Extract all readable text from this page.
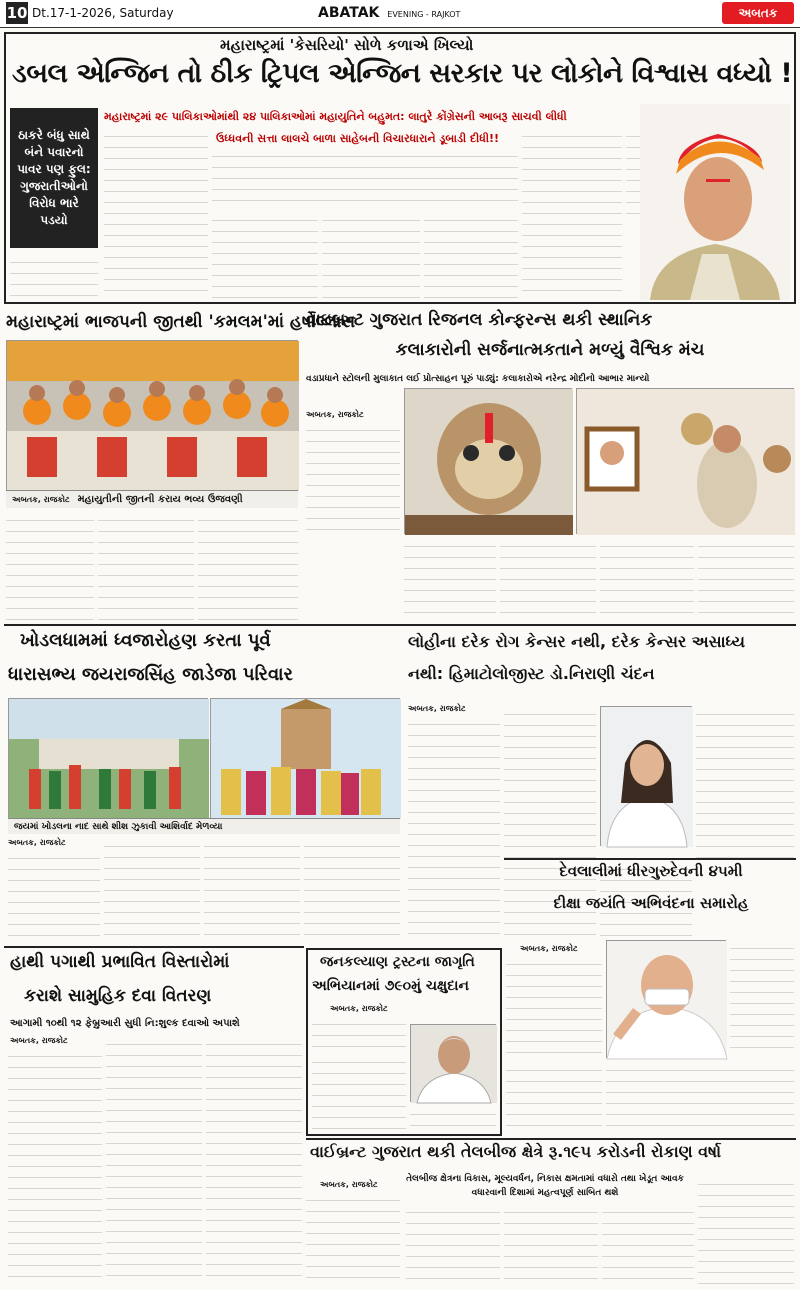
10 Dt.17-1-2026, Saturday	ABATAK EVENING - RAJKOT	અબતક
મહારાષ્ટ્રમાં 'કેસરિયો' સોળે કળાએ ખિલ્યો
ડબલ એન્જિન તો ઠીક ટ્રિપલ એન્જિન સરકાર પર લોકોને વિશ્વાસ વધ્યો !
ઠાકરે બંધુ સાથે બંને પવારનો પાવર પણ ફુલ: ગુજરાતીઓનો વિરોધ ભારે પડયો
મહારાષ્ટ્રમાં ૨૯ પાલિકાઓમાંથી ૨૪ પાલિકાઓમાં મહાયુતિને બહુમત: લાતુરે કોંગ્રેસની આબરૂ સાચવી લીધી
ઉધ્ધવની સત્તા લાલચે બાળા સાહેબની વિચારધારાને ડૂબાડી દીધી!!
મહારાષ્ટ્રમાં ભાજપની જીતથી 'કમલમ'માં હર્ષોલ્લાસ
અબતક, રાજકોટ મહાયુતીની જીતની કરાય ભવ્ય ઉજવણી
વાઇબ્રન્ટ ગુજરાત રિજનલ કોન્ફરન્સ થકી સ્થાનિક
કલાકારોની સર્જનાત્મકતાને મળ્યું વૈશ્વિક મંચ
વડાપ્રધાને સ્ટોલની મુલાકાત લઈ પ્રોત્સાહન પૂરું પાડ્યું: કલાકારોએ નરેન્દ્ર મોદીનો આભાર માન્યો
અબતક, રાજકોટ
ખોડલધામમાં ધ્વજારોહણ કરતા પૂર્વ
ધારાસભ્ય જયરાજસિંહ જાડેજા પરિવાર
જયમાં ખોડલના નાદ સાથે શીશ ઝુકાવી આશિર્વાદ મેળવ્યા
અબતક, રાજકોટ
લોહીના દરેક રોગ કેન્સર નથી, દરેક કેન્સર અસાધ્ય
નથી: હિમાટોલોજીસ્ટ ડો.નિરાણી ચંદન
અબતક, રાજકોટ
દેવલાલીમાં ધીરગુરુદેવની ૪૫મી
દીક્ષા જયંતિ અભિવંદના સમારોહ
અબતક, રાજકોટ
હાથી પગાથી પ્રભાવિત વિસ્તારોમાં
કરાશે સામુહિક દવા વિતરણ
આગામી ૧૦થી ૧૨ ફેબ્રુઆરી સુધી નિ:શુલ્ક દવાઓ અપાશે
અબતક, રાજકોટ
જનકલ્યાણ ટ્રસ્ટના જાગૃતિ
અભિયાનમાં ૭૯૦મું ચક્ષુદાન
અબતક, રાજકોટ
વાઈબ્રન્ટ ગુજરાત થકી તેલબીજ ક્ષેત્રે રૂ.૧૯૫ કરોડની રોકાણ વર્ષા
અબતક, રાજકોટ
તેલબીજ ક્ષેત્રના વિકાસ, મૂલ્યવર્ધન, નિકાસ ક્ષમતામાં વધારો તથા ખેડૂત આવક વધારવાની દિશામાં મહત્વપૂર્ણ સાબિત થશે
